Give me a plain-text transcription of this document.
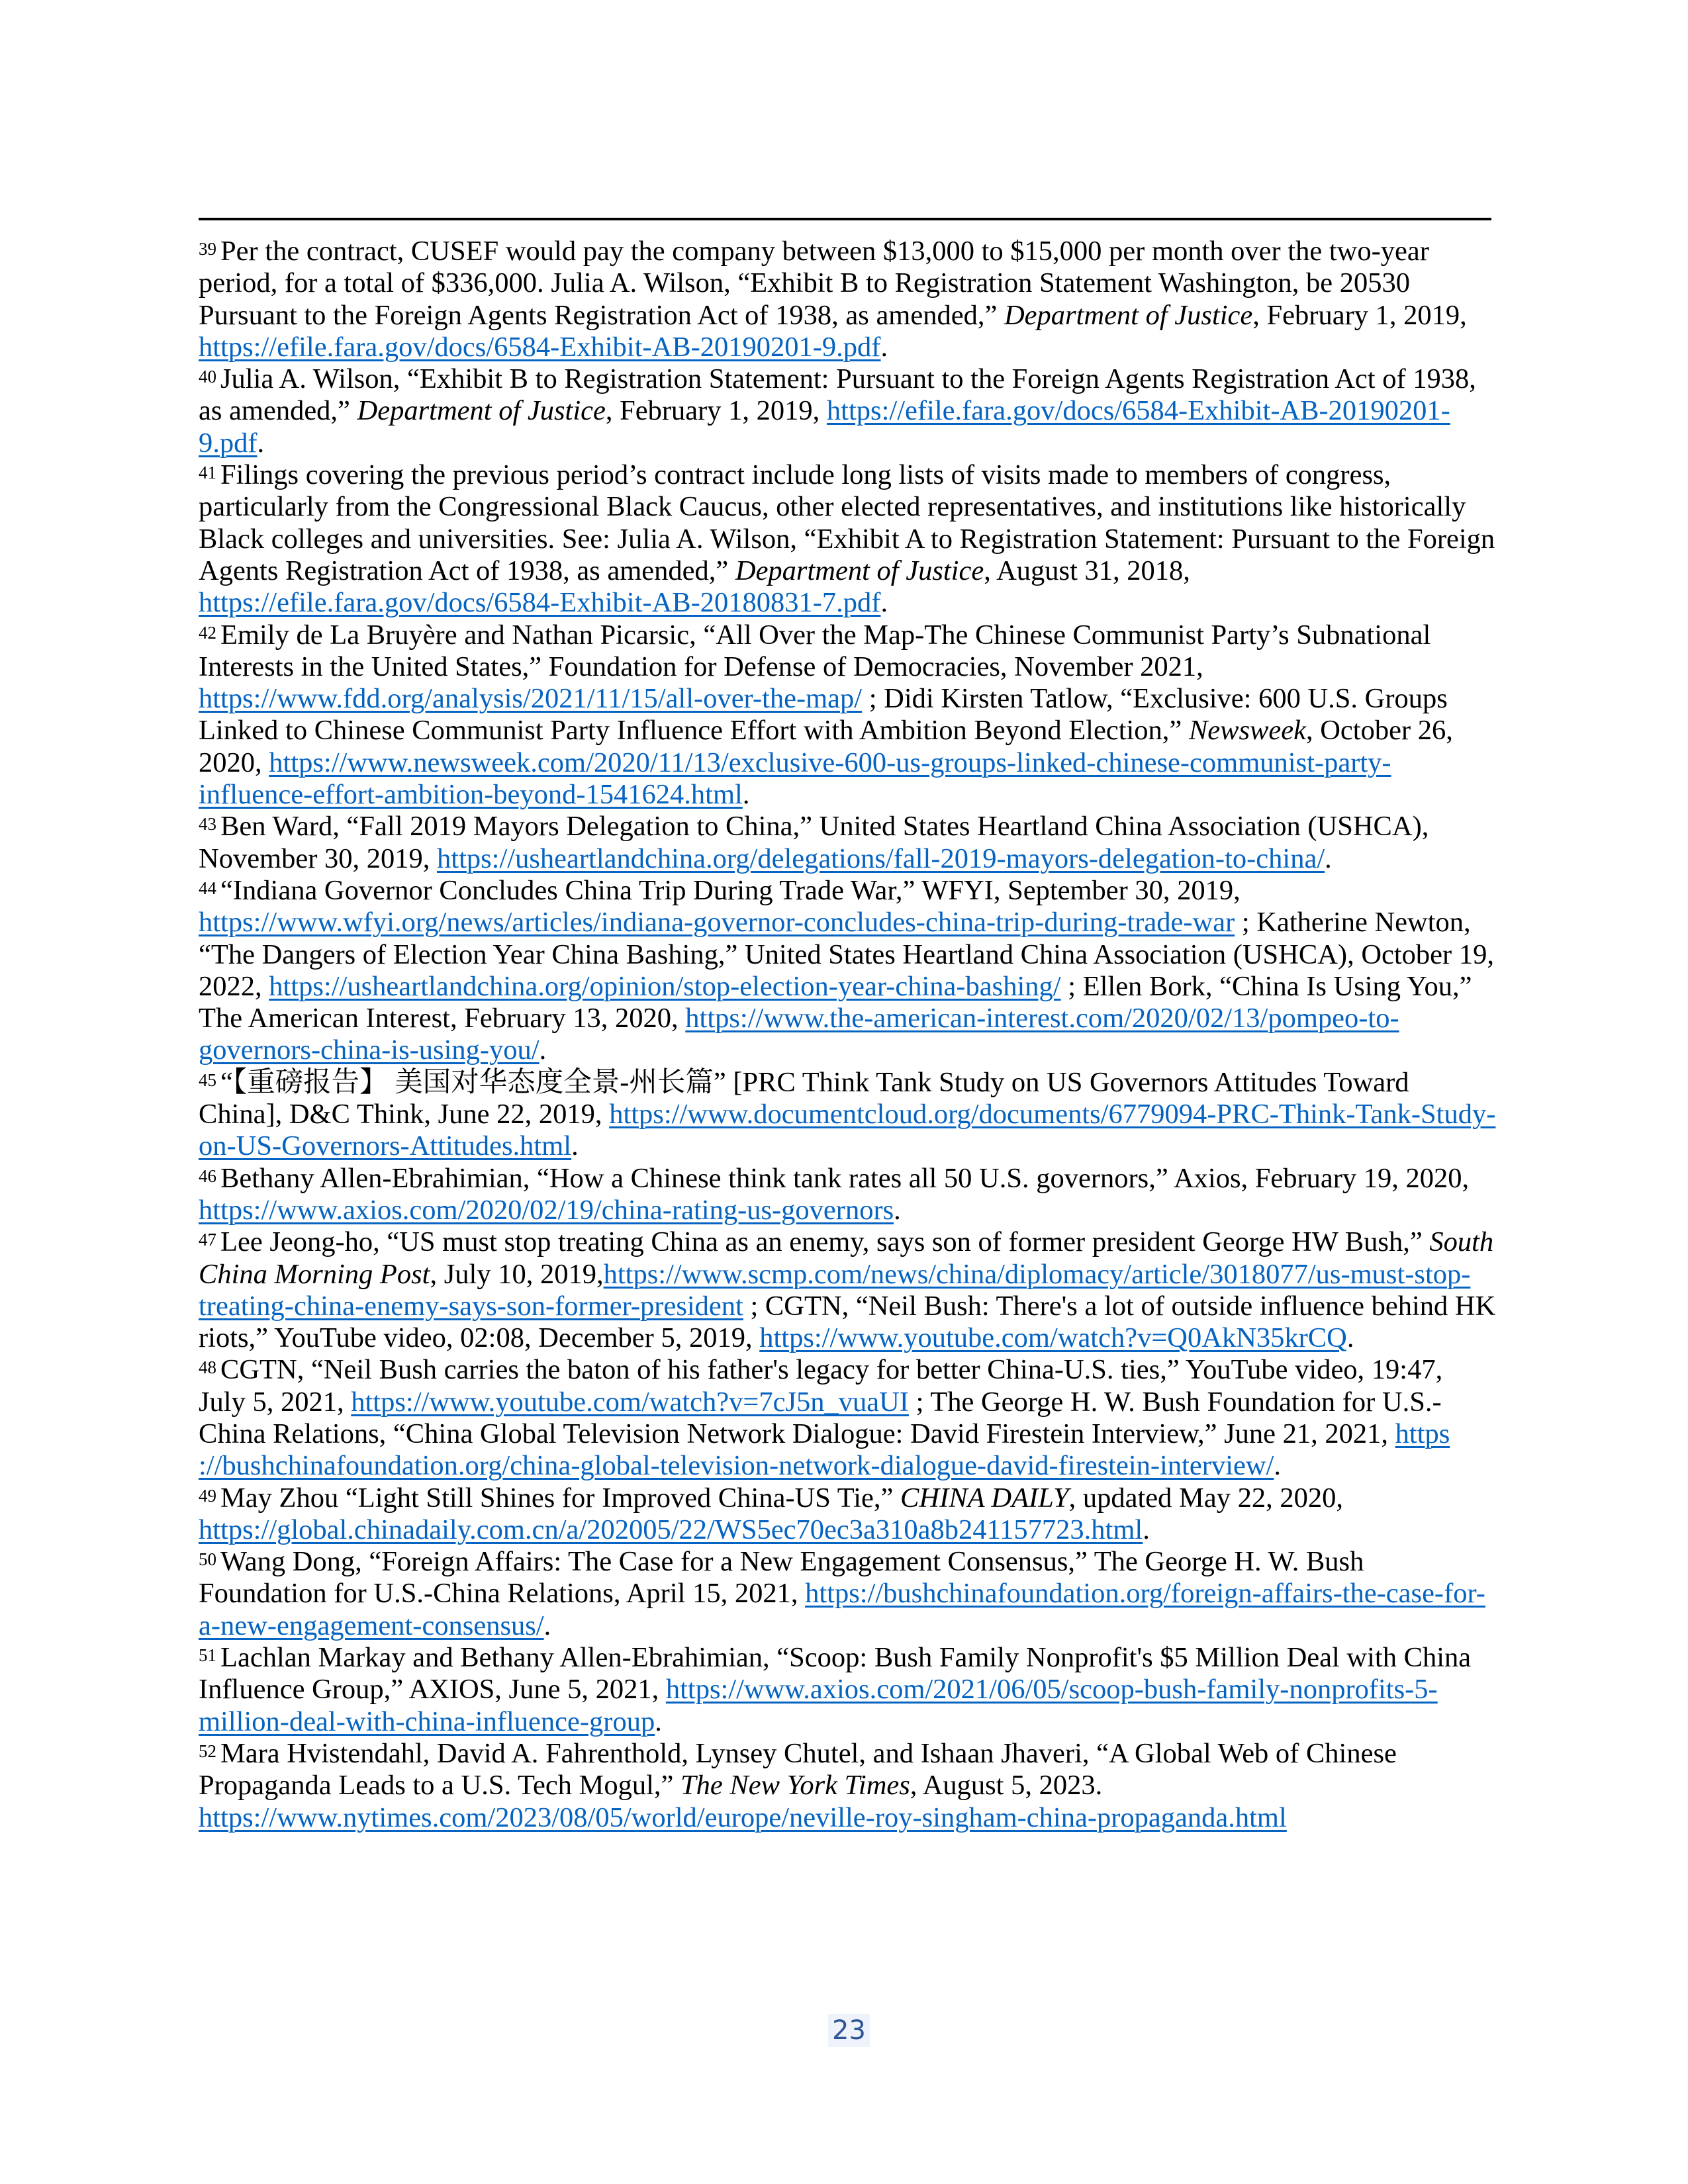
$^{39}$ Per the contract, CUSEF would pay the company between $13,000 to $15,000 per month over the two-year period, for a total of $336,000. Julia A. Wilson, “Exhibit B to Registration Statement Washington, be 20530 Pursuant to the Foreign Agents Registration Act of 1938, as amended,” Department of Justice, February 1, 2019, https://efile.fara.gov/docs/6584-Exhibit-AB-20190201-9.pdf.

$^{40}$ Julia A. Wilson, “Exhibit B to Registration Statement: Pursuant to the Foreign Agents Registration Act of 1938, as amended,” Department of Justice, February 1, 2019, https://efile.fara.gov/docs/6584-Exhibit-AB-20190201-9.pdf.

$^{41}$ Filings covering the previous period’s contract include long lists of visits made to members of congress, particularly from the Congressional Black Caucus, other elected representatives, and institutions like historically Black colleges and universities. See: Julia A. Wilson, “Exhibit A to Registration Statement: Pursuant to the Foreign Agents Registration Act of 1938, as amended,” Department of Justice, August 31, 2018, https://efile.fara.gov/docs/6584-Exhibit-AB-20180831-7.pdf.

$^{42}$ Emily de La Bruyère and Nathan Picarsic, “All Over the Map-The Chinese Communist Party’s Subnational Interests in the United States,” Foundation for Defense of Democracies, November 2021, https://www.fdd.org/analysis/2021/11/15/all-over-the-map/ ; Didi Kirsten Tatlow, “Exclusive: 600 U.S. Groups Linked to Chinese Communist Party Influence Effort with Ambition Beyond Election,” Newsweek, October 26, 2020, https://www.newsweek.com/2020/11/13/exclusive-600-us-groups-linked-chinese-communist-party-influence-effort-ambition-beyond-1541624.html.

$^{43}$ Ben Ward, “Fall 2019 Mayors Delegation to China,” United States Heartland China Association (USHCA), November 30, 2019, https://usheartlandchina.org/delegations/fall-2019-mayors-delegation-to-china/.

$^{44}$ “Indiana Governor Concludes China Trip During Trade War,” WFYI, September 30, 2019, https://www.wfyi.org/news/articles/indiana-governor-concludes-china-trip-during-trade-war ; Katherine Newton, “The Dangers of Election Year China Bashing,” United States Heartland China Association (USHCA), October 19, 2022, https://usheartlandchina.org/opinion/stop-election-year-china-bashing/ ; Ellen Bork, “China Is Using You,” The American Interest, February 13, 2020, https://www.the-american-interest.com/2020/02/13/pompeo-to-governors-china-is-using-you/.

$^{45}$ “【重磅报告】 美国对华态度全景-州长篇” [PRC Think Tank Study on US Governors Attitudes Toward China], D&C Think, June 22, 2019, https://www.documentcloud.org/documents/6779094-PRC-Think-Tank-Study-on-US-Governors-Attitudes.html.

$^{46}$ Bethany Allen-Ebrahimian, “How a Chinese think tank rates all 50 U.S. governors,” Axios, February 19, 2020, https://www.axios.com/2020/02/19/china-rating-us-governors.

$^{47}$ Lee Jeong-ho, “US must stop treating China as an enemy, says son of former president George HW Bush,” South China Morning Post, July 10, 2019,https://www.scmp.com/news/china/diplomacy/article/3018077/us-must-stop-treating-china-enemy-says-son-former-president ; CGTN, “Neil Bush: There's a lot of outside influence behind HK riots,” YouTube video, 02:08, December 5, 2019, https://www.youtube.com/watch?v=Q0AkN35krCQ.

$^{48}$ CGTN, “Neil Bush carries the baton of his father's legacy for better China-U.S. ties,” YouTube video, 19:47, July 5, 2021, https://www.youtube.com/watch?v=7cJ5n_vuaUI ; The George H. W. Bush Foundation for U.S.-China Relations, “China Global Television Network Dialogue: David Firestein Interview,” June 21, 2021, https ://bushchinafoundation.org/china-global-television-network-dialogue-david-firestein-interview/.

$^{49}$ May Zhou “Light Still Shines for Improved China-US Tie,” CHINA DAILY, updated May 22, 2020, https://global.chinadaily.com.cn/a/202005/22/WS5ec70ec3a310a8b241157723.html.

$^{50}$ Wang Dong, “Foreign Affairs: The Case for a New Engagement Consensus,” The George H. W. Bush Foundation for U.S.-China Relations, April 15, 2021, https://bushchinafoundation.org/foreign-affairs-the-case-for-a-new-engagement-consensus/.

$^{51}$ Lachlan Markay and Bethany Allen-Ebrahimian, “Scoop: Bush Family Nonprofit's $5 Million Deal with China Influence Group,” AXIOS, June 5, 2021, https://www.axios.com/2021/06/05/scoop-bush-family-nonprofits-5-million-deal-with-china-influence-group.

$^{52}$ Mara Hvistendahl, David A. Fahrenthold, Lynsey Chutel, and Ishaan Jhaveri, “A Global Web of Chinese Propaganda Leads to a U.S. Tech Mogul,” The New York Times, August 5, 2023. https://www.nytimes.com/2023/08/05/world/europe/neville-roy-singham-china-propaganda.html

23
